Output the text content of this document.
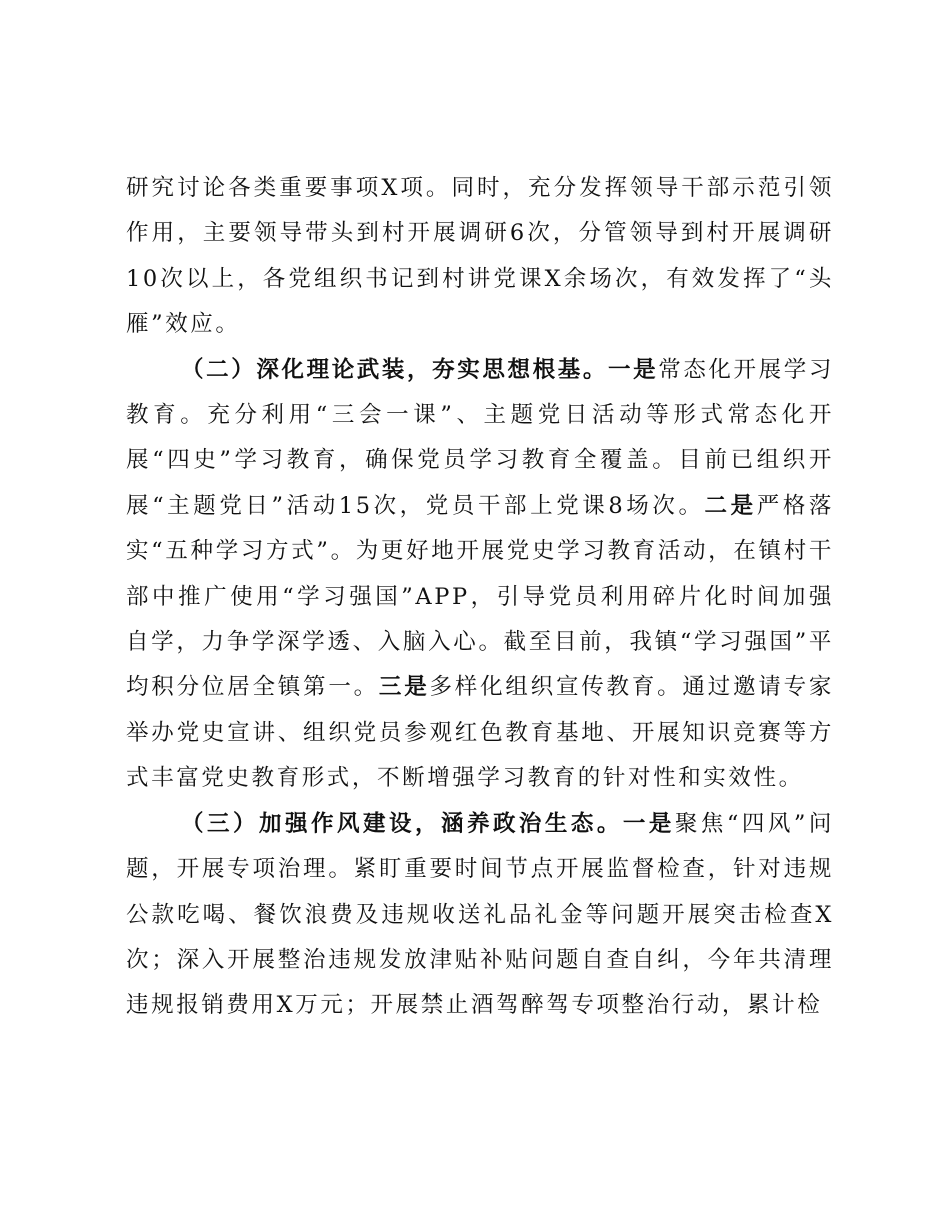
研究讨论各类重要事项X项。同时，充分发挥领导干部示范引领作用，主要领导带头到村开展调研6次，分管领导到村开展调研10次以上，各党组织书记到村讲党课X余场次，有效发挥了“头雁”效应。

（二）深化理论武装，夯实思想根基。一是常态化开展学习教育。充分利用“三会一课”、主题党日活动等形式常态化开展“四史”学习教育，确保党员学习教育全覆盖。目前已组织开展“主题党日”活动15次，党员干部上党课8场次。二是严格落实“五种学习方式”。为更好地开展党史学习教育活动，在镇村干部中推广使用“学习强国”APP，引导党员利用碎片化时间加强自学，力争学深学透、入脑入心。截至目前，我镇“学习强国”平均积分位居全镇第一。三是多样化组织宣传教育。通过邀请专家举办党史宣讲、组织党员参观红色教育基地、开展知识竞赛等方式丰富党史教育形式，不断增强学习教育的针对性和实效性。

（三）加强作风建设，涵养政治生态。一是聚焦“四风”问题，开展专项治理。紧盯重要时间节点开展监督检查，针对违规公款吃喝、餐饮浪费及违规收送礼品礼金等问题开展突击检查X次；深入开展整治违规发放津贴补贴问题自查自纠，今年共清理违规报销费用X万元；开展禁止酒驾醉驾专项整治行动，累计检
